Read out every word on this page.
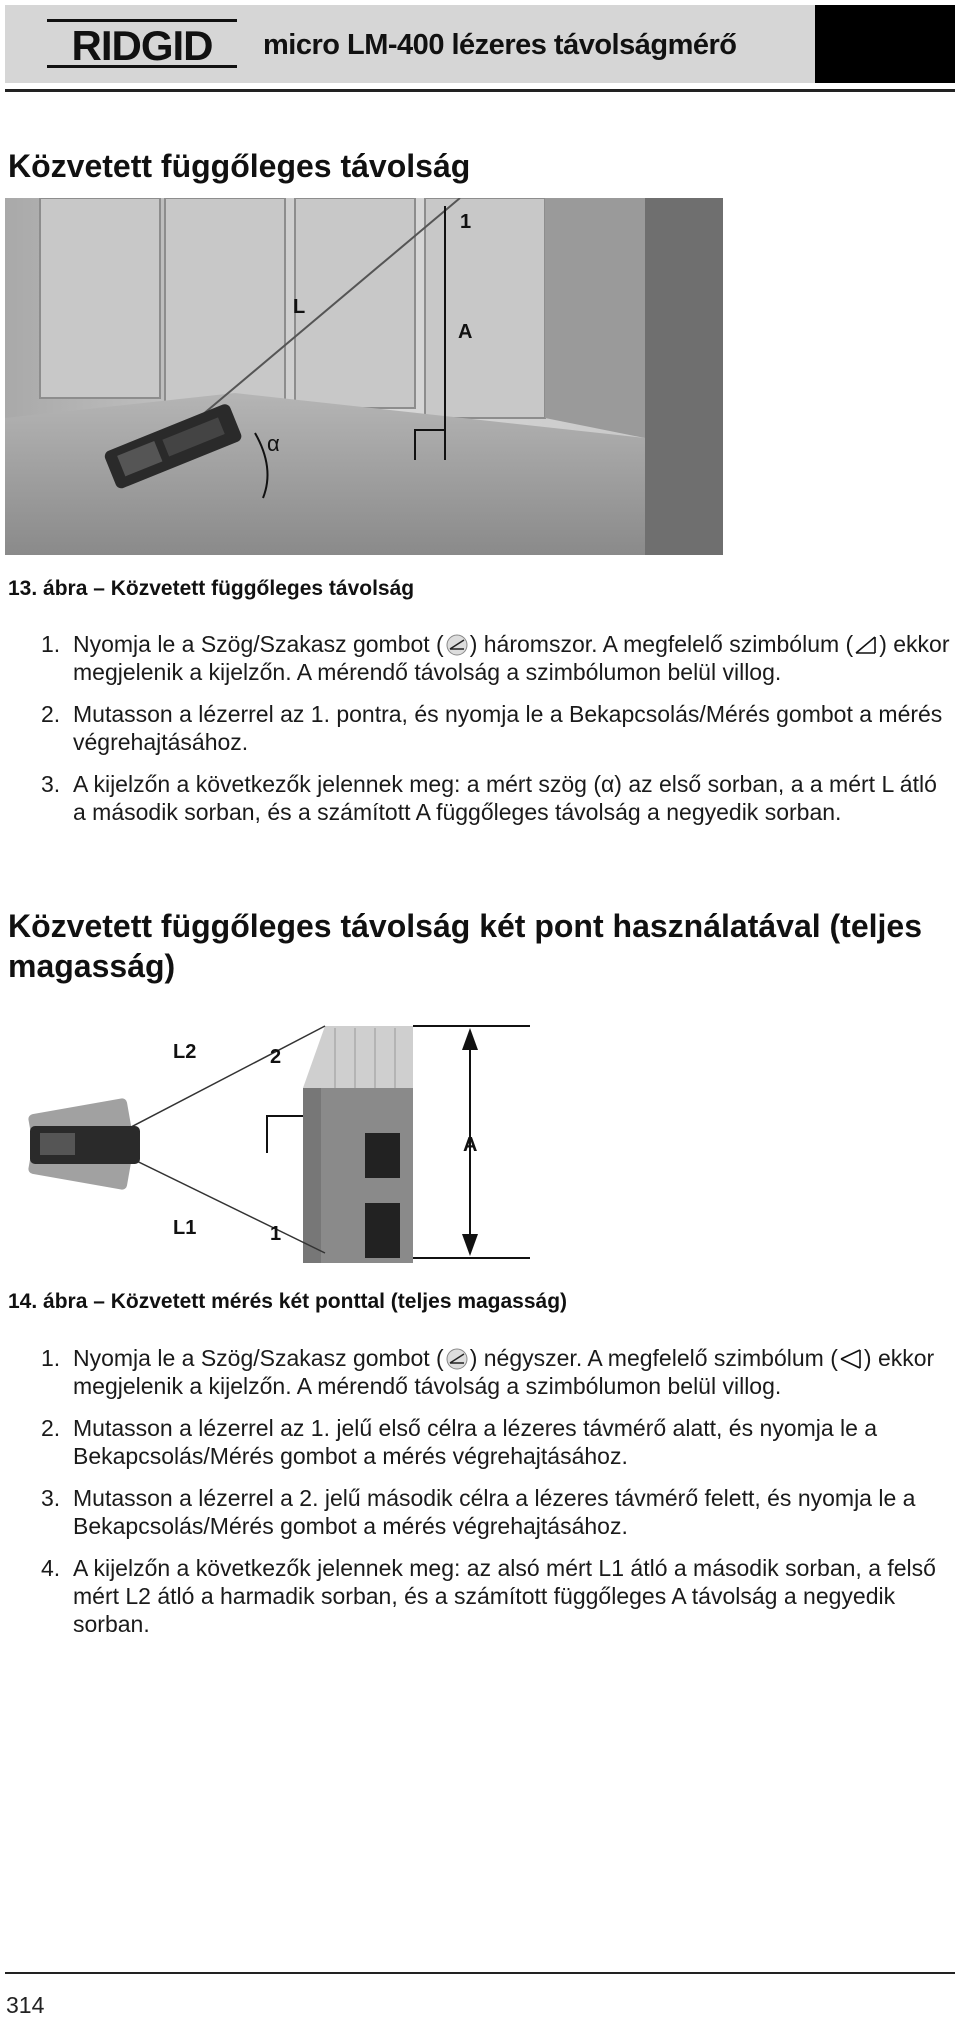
RIDGID micro LM-400 lézeres távolságmérő
Közvetett függőleges távolság
1
L
A
α
13. ábra – Közvetett függőleges távolság
1. Nyomja le a Szög/Szakasz gombot ( ) háromszor. A megfelelő szimbólum ( ) ekkor megjelenik a kijelzőn. A mérendő távolság a szimbólumon belül villog.
2. Mutasson a lézerrel az 1. pontra, és nyomja le a Bekapcsolás/Mérés gombot a mérés végrehajtásához.
3. A kijelzőn a következők jelennek meg: a mért szög (α) az első sorban, a a mért L átló a második sorban, és a számított A függőleges távolság a negyedik sorban.
Közvetett függőleges távolság két pont használatával (teljes magasság)
L2	2
A
L1	1
14. ábra – Közvetett mérés két ponttal (teljes magasság)
1. Nyomja le a Szög/Szakasz gombot ( ) négyszer. A megfelelő szimbólum ( ) ekkor megjelenik a kijelzőn. A mérendő távolság a szimbólumon belül villog.
2. Mutasson a lézerrel az 1. jelű első célra a lézeres távmérő alatt, és nyomja le a Bekapcsolás/Mérés gombot a mérés végrehajtásához.
3. Mutasson a lézerrel a 2. jelű második célra a lézeres távmérő felett, és nyomja le a Bekapcsolás/Mérés gombot a mérés végrehajtásához.
4. A kijelzőn a következők jelennek meg: az alsó mért L1 átló a második sorban, a felső mért L2 átló a harmadik sorban, és a számított függőleges A távolság a negyedik sorban.
314
